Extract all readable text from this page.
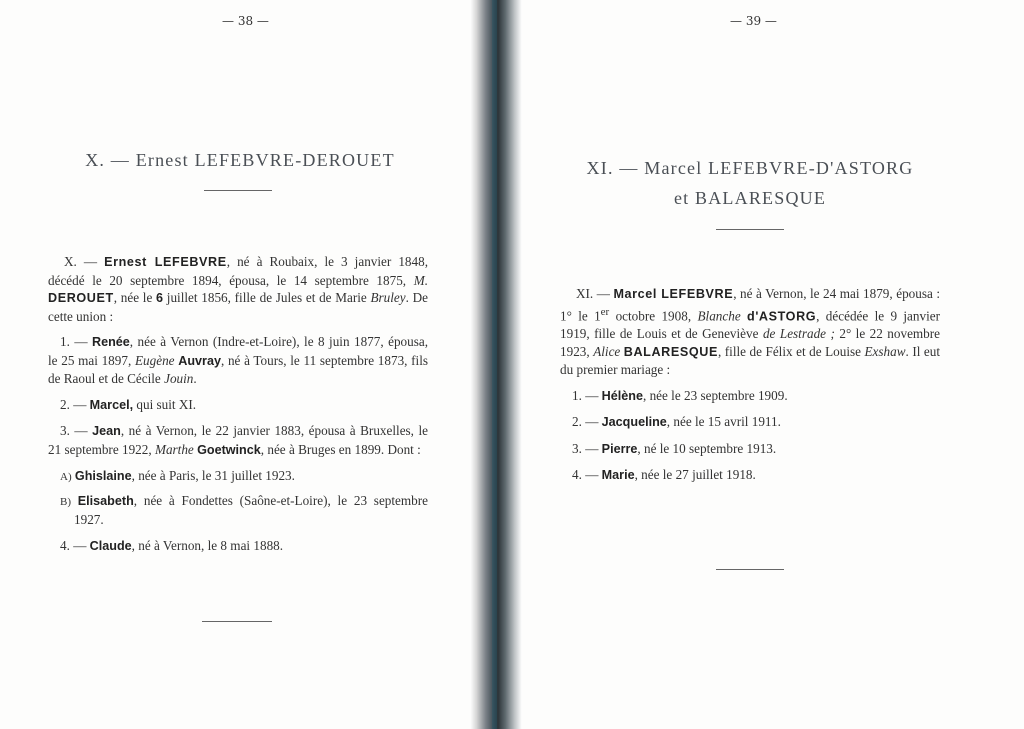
— 38 —
X. — Ernest LEFEBVRE-DEROUET

X. — Ernest LEFEBVRE, né à Roubaix, le 3 janvier 1848, décédé le 20 septembre 1894, épousa, le 14 septembre 1875, M. DEROUET, née le 6 juillet 1856, fille de Jules et de Marie Bruley. De cette union :

1. — Renée, née à Vernon (Indre-et-Loire), le 8 juin 1877, épousa, le 25 mai 1897, Eugène Auvray, né à Tours, le 11 septembre 1873, fils de Raoul et de Cécile Jouin.

2. — Marcel, qui suit XI.

3. — Jean, né à Vernon, le 22 janvier 1883, épousa à Bruxelles, le 21 septembre 1922, Marthe Goetwinck, née à Bruges en 1899. Dont :

A) Ghislaine, née à Paris, le 31 juillet 1923.

B) Elisabeth, née à Fondettes (Saône-et-Loire), le 23 septembre 1927.

4. — Claude, né à Vernon, le 8 mai 1888.

— 39 —
XI. — Marcel LEFEBVRE-D'ASTORG
et BALARESQUE

XI. — Marcel LEFEBVRE, né à Vernon, le 24 mai 1879, épousa : 1° le 1er octobre 1908, Blanche d'ASTORG, décédée le 9 janvier 1919, fille de Louis et de Geneviève de Lestrade ; 2° le 22 novembre 1923, Alice BALARESQUE, fille de Félix et de Louise Exshaw. Il eut du premier mariage :

1. — Hélène, née le 23 septembre 1909.

2. — Jacqueline, née le 15 avril 1911.

3. — Pierre, né le 10 septembre 1913.

4. — Marie, née le 27 juillet 1918.
